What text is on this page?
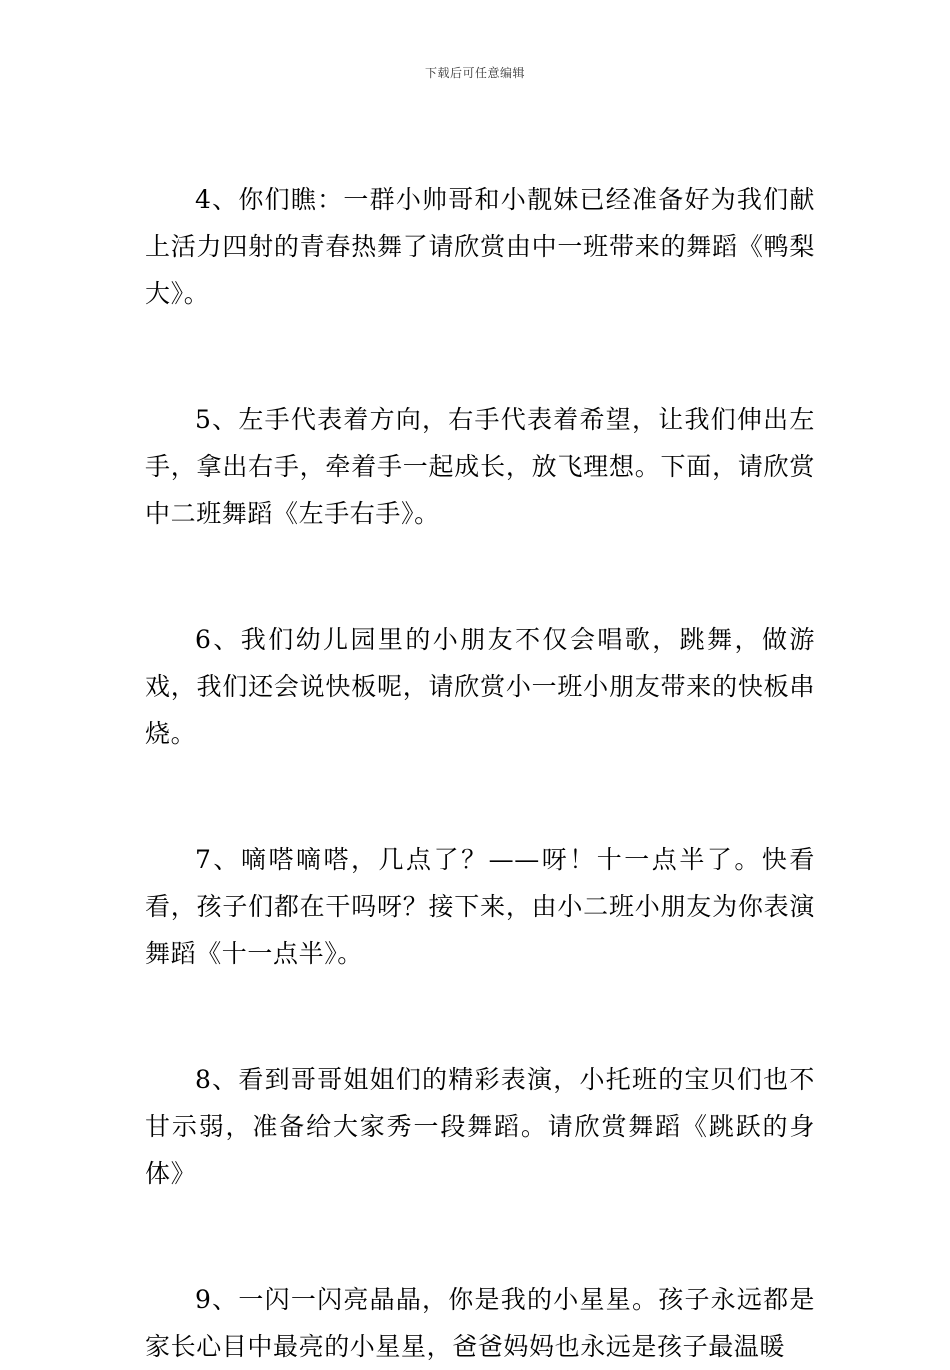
下载后可任意编辑

4、你们瞧：一群小帅哥和小靓妹已经准备好为我们献上活力四射的青春热舞了请欣赏由中一班带来的舞蹈《鸭梨大》。

5、左手代表着方向，右手代表着希望，让我们伸出左手，拿出右手，牵着手一起成长，放飞理想。下面，请欣赏中二班舞蹈《左手右手》。

6、我们幼儿园里的小朋友不仅会唱歌，跳舞，做游戏，我们还会说快板呢，请欣赏小一班小朋友带来的快板串烧。

7、嘀嗒嘀嗒，几点了？——呀！十一点半了。快看看，孩子们都在干吗呀？接下来，由小二班小朋友为你表演舞蹈《十一点半》。

8、看到哥哥姐姐们的精彩表演，小托班的宝贝们也不甘示弱，准备给大家秀一段舞蹈。请欣赏舞蹈《跳跃的身体》

9、一闪一闪亮晶晶，你是我的小星星。孩子永远都是家长心目中最亮的小星星，爸爸妈妈也永远是孩子最温暖
